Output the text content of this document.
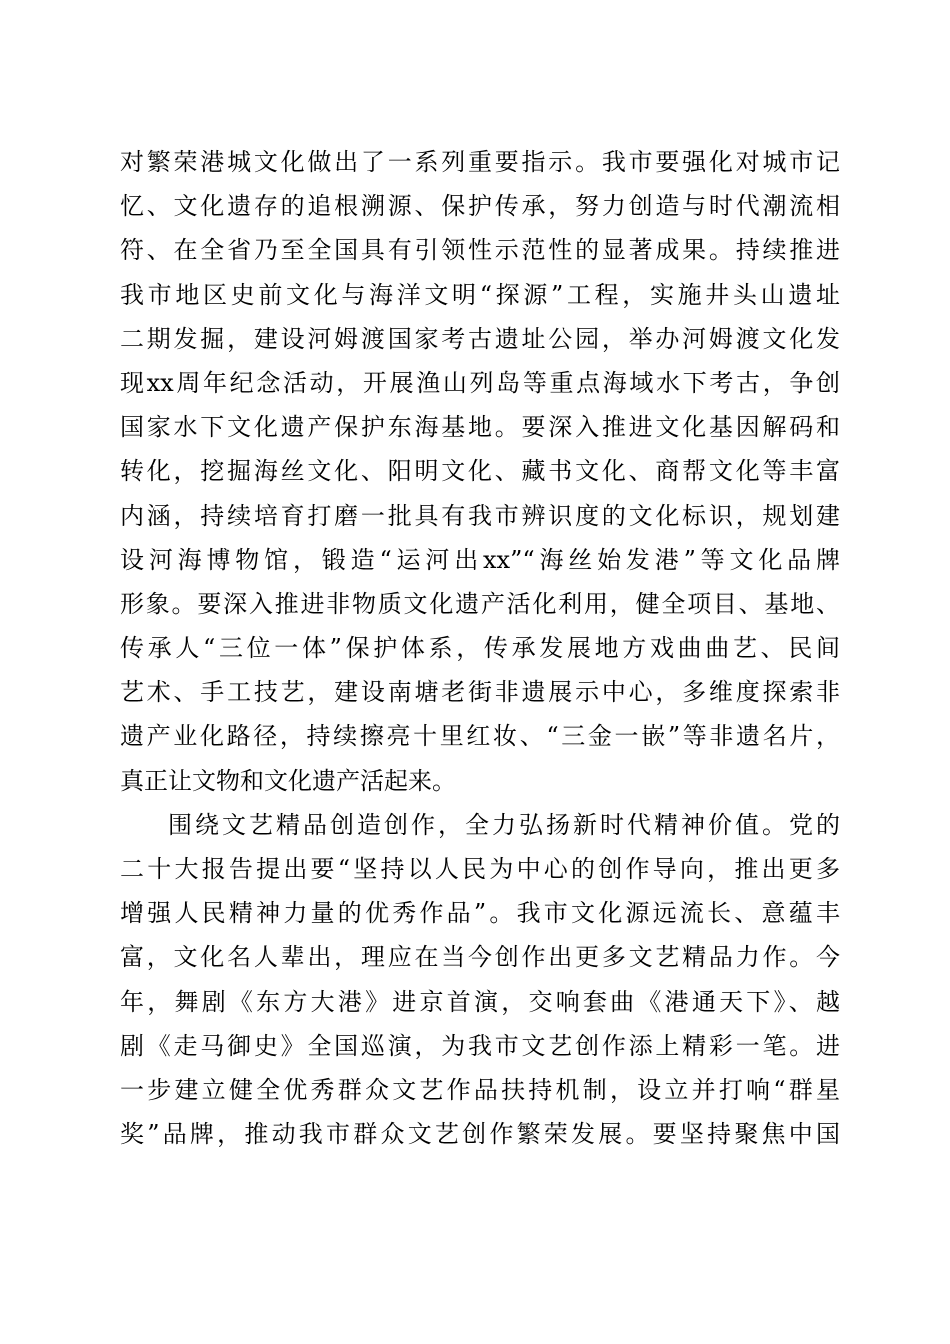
对繁荣港城文化做出了一系列重要指示。我市要强化对城市记
忆、文化遗存的追根溯源、保护传承，努力创造与时代潮流相
符、在全省乃至全国具有引领性示范性的显著成果。持续推进
我市地区史前文化与海洋文明“探源”工程，实施井头山遗址
二期发掘，建设河姆渡国家考古遗址公园，举办河姆渡文化发
现xx周年纪念活动，开展渔山列岛等重点海域水下考古，争创
国家水下文化遗产保护东海基地。要深入推进文化基因解码和
转化，挖掘海丝文化、阳明文化、藏书文化、商帮文化等丰富
内涵，持续培育打磨一批具有我市辨识度的文化标识，规划建
设河海博物馆，锻造“运河出xx”“海丝始发港”等文化品牌
形象。要深入推进非物质文化遗产活化利用，健全项目、基地、
传承人“三位一体”保护体系，传承发展地方戏曲曲艺、民间
艺术、手工技艺，建设南塘老街非遗展示中心，多维度探索非
遗产业化路径，持续擦亮十里红妆、“三金一嵌”等非遗名片，
真正让文物和文化遗产活起来。
围绕文艺精品创造创作，全力弘扬新时代精神价值。党的
二十大报告提出要“坚持以人民为中心的创作导向，推出更多
增强人民精神力量的优秀作品”。我市文化源远流长、意蕴丰
富，文化名人辈出，理应在当今创作出更多文艺精品力作。今
年，舞剧《东方大港》进京首演，交响套曲《港通天下》、越
剧《走马御史》全国巡演，为我市文艺创作添上精彩一笔。进
一步建立健全优秀群众文艺作品扶持机制，设立并打响“群星
奖”品牌，推动我市群众文艺创作繁荣发展。要坚持聚焦中国
